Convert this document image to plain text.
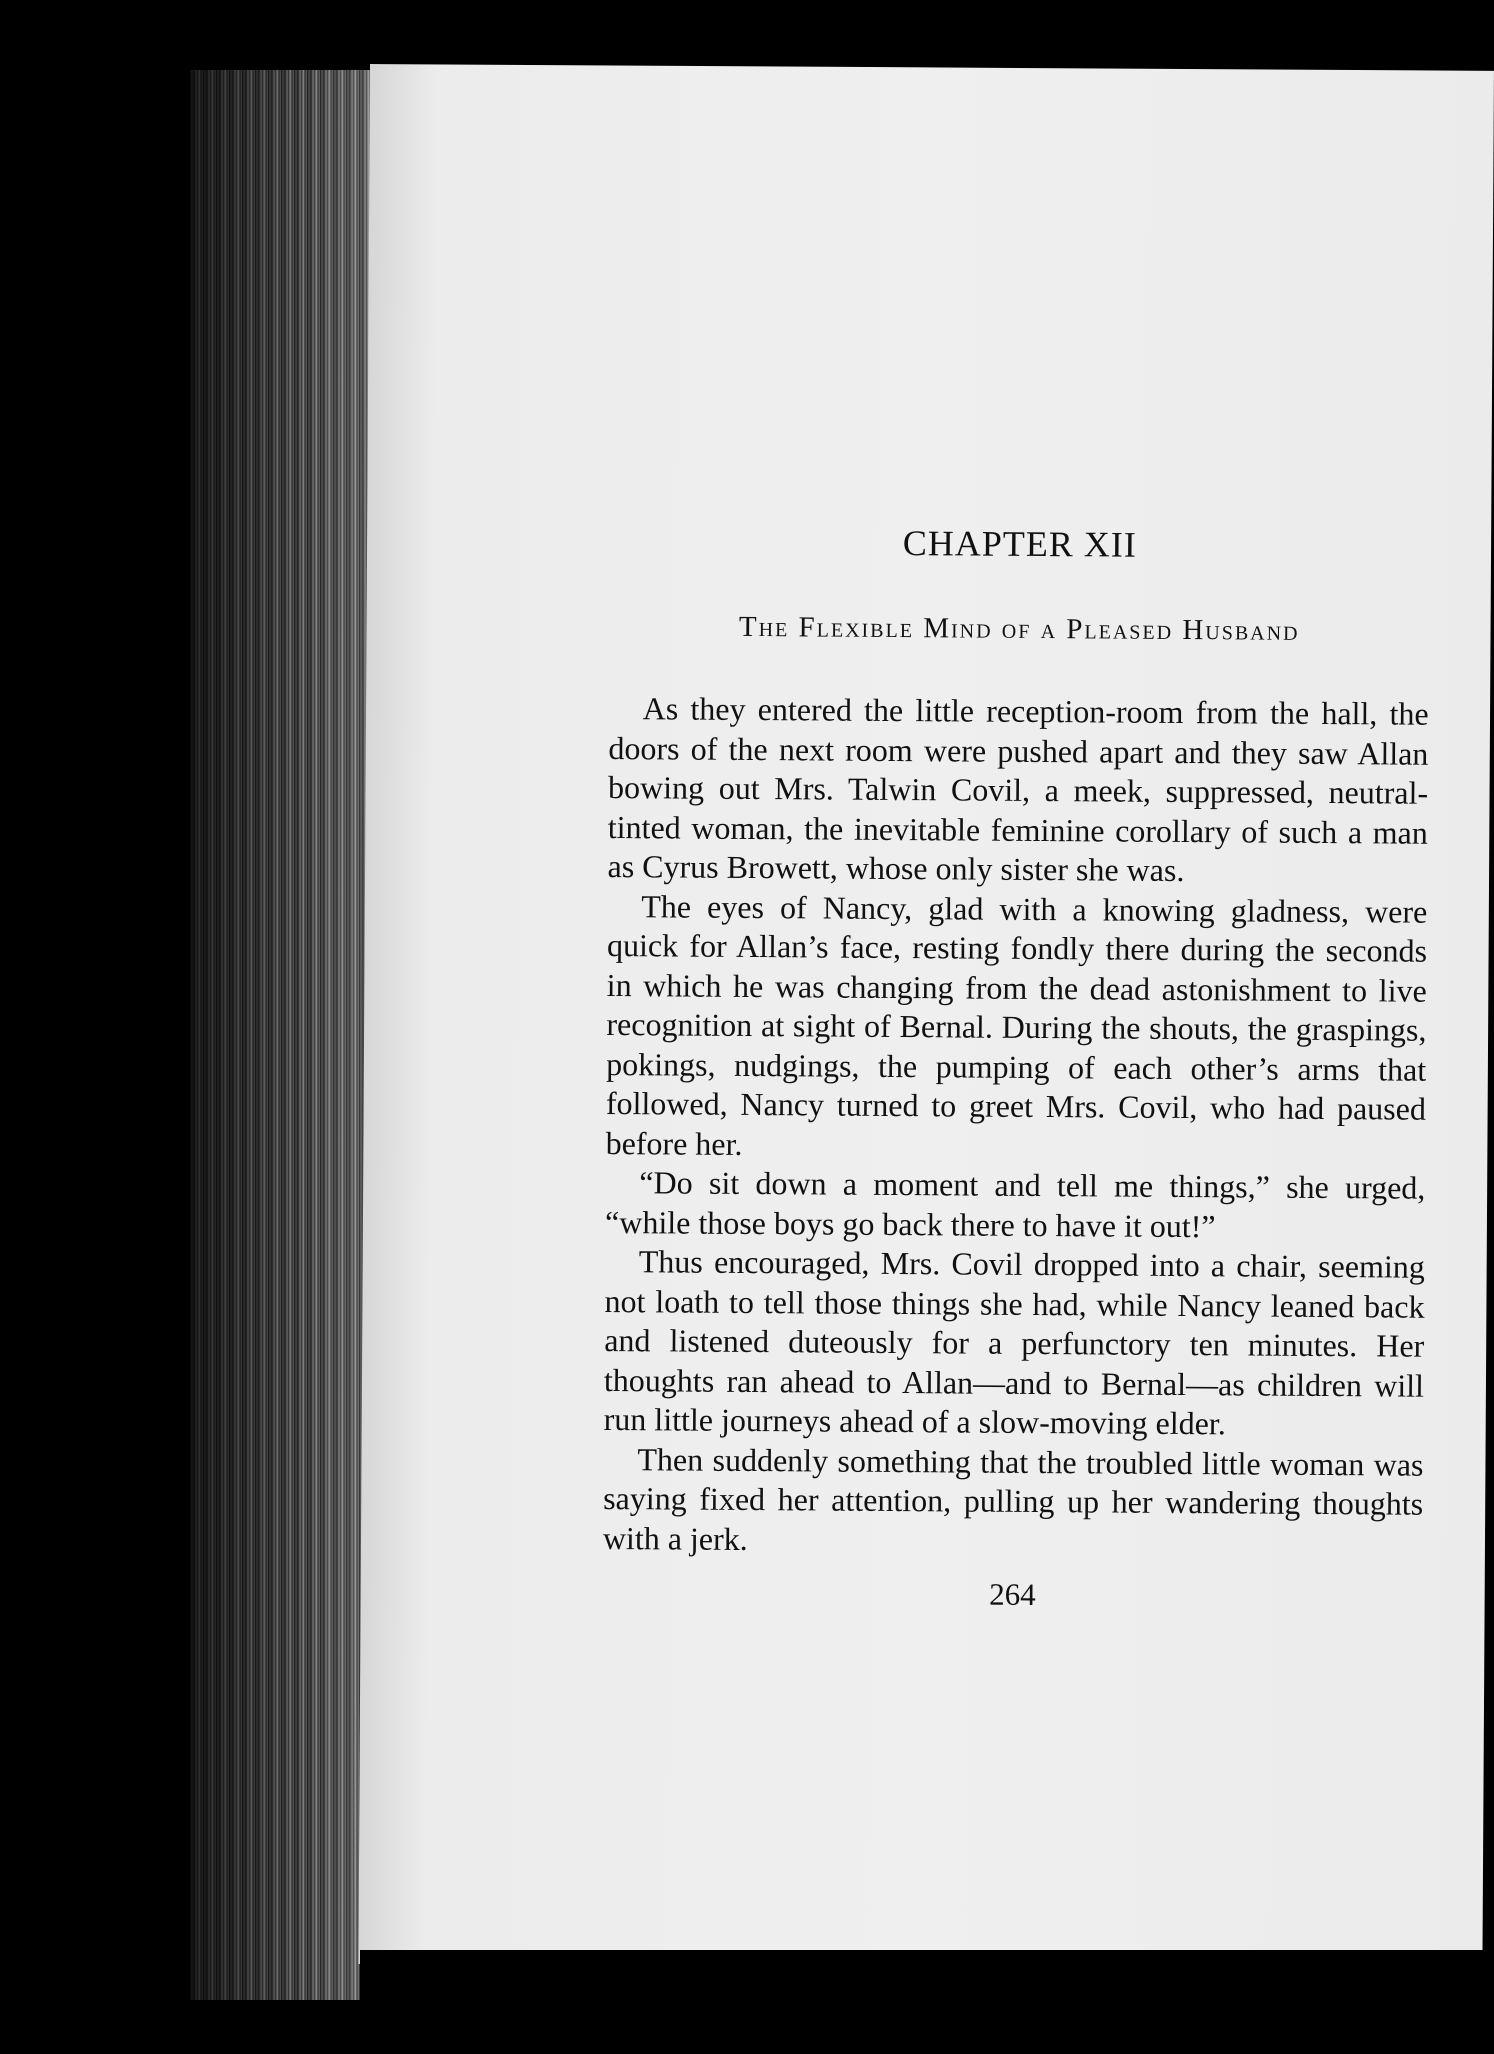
CHAPTER XII
The Flexible Mind of a Pleased Husband

As they entered the little reception-room from the hall, the doors of the next room were pushed apart and they saw Allan bowing out Mrs. Talwin Covil, a meek, suppressed, neutral-tinted woman, the inevitable feminine corollary of such a man as Cyrus Browett, whose only sister she was.

The eyes of Nancy, glad with a knowing gladness, were quick for Allan’s face, resting fondly there during the seconds in which he was changing from the dead astonishment to live recognition at sight of Bernal. During the shouts, the graspings, pokings, nudgings, the pumping of each other’s arms that followed, Nancy turned to greet Mrs. Covil, who had paused before her.

“Do sit down a moment and tell me things,” she urged, “while those boys go back there to have it out!”

Thus encouraged, Mrs. Covil dropped into a chair, seeming not loath to tell those things she had, while Nancy leaned back and listened duteously for a perfunctory ten minutes. Her thoughts ran ahead to Allan—and to Bernal—as children will run little journeys ahead of a slow-moving elder.

Then suddenly something that the troubled little woman was saying fixed her attention, pulling up her wandering thoughts with a jerk.

264
